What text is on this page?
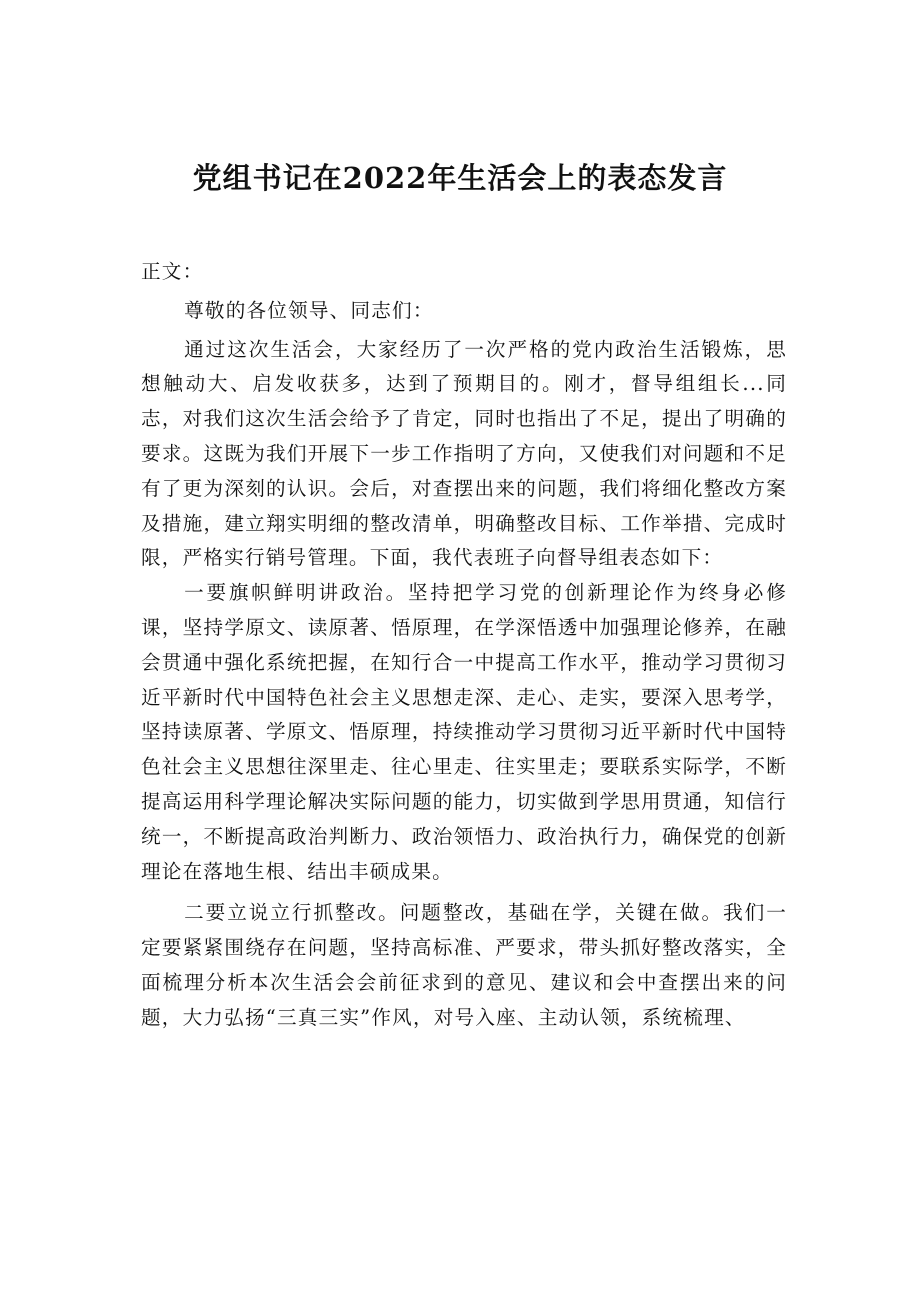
党组书记在2022年生活会上的表态发言

正文：

尊敬的各位领导、同志们：

通过这次生活会，大家经历了一次严格的党内政治生活锻炼，思想触动大、启发收获多，达到了预期目的。刚才，督导组组长...同志，对我们这次生活会给予了肯定，同时也指出了不足，提出了明确的要求。这既为我们开展下一步工作指明了方向，又使我们对问题和不足有了更为深刻的认识。会后，对查摆出来的问题，我们将细化整改方案及措施，建立翔实明细的整改清单，明确整改目标、工作举措、完成时限，严格实行销号管理。下面，我代表班子向督导组表态如下：

一要旗帜鲜明讲政治。坚持把学习党的创新理论作为终身必修课，坚持学原文、读原著、悟原理，在学深悟透中加强理论修养，在融会贯通中强化系统把握，在知行合一中提高工作水平，推动学习贯彻习近平新时代中国特色社会主义思想走深、走心、走实，要深入思考学，坚持读原著、学原文、悟原理，持续推动学习贯彻习近平新时代中国特色社会主义思想往深里走、往心里走、往实里走；要联系实际学，不断提高运用科学理论解决实际问题的能力，切实做到学思用贯通，知信行统一，不断提高政治判断力、政治领悟力、政治执行力，确保党的创新理论在落地生根、结出丰硕成果。

二要立说立行抓整改。问题整改，基础在学，关键在做。我们一定要紧紧围绕存在问题，坚持高标准、严要求，带头抓好整改落实，全面梳理分析本次生活会会前征求到的意见、建议和会中查摆出来的问题，大力弘扬“三真三实”作风，对号入座、主动认领，系统梳理、
